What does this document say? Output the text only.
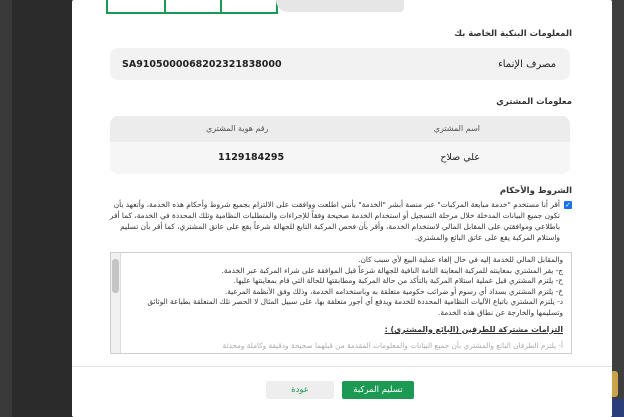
المعلومات البنكية الخاصة بك
مصرف الإنماء
SA9105000068202321838000
معلومات المشتري
اسم المشتري
رقم هوية المشتري
علي صلاح
1129184295
الشروط والأحكام
✓
أقر أنا مستخدم "خدمة مبايعة المركبات" عبر منصة أبشر "الخدمة" بأنني اطلعت ووافقت على الالتزام بجميع شروط وأحكام هذه الخدمة، وأتعهد بأن تكون جميع البيانات المدخلة خلال مرحلة التسجيل أو استخدام الخدمة صحيحة وفقاً للإجراءات والمتطلبات النظامية وتلك المحددة في الخدمة، كما أقر باطلاعي وموافقتي على المقابل المالي لاستخدام الخدمة، وأقر بأن فحص المركبة التابع للجهالة شرعاً يقع على عاتق المشتري، كما أقر بأن تسليم واستلام المركبة يقع على عاتق البائع والمشتري.
والمقابل المالي للخدمة إليه في حال إلغاء عملية البيع لأي سبب كان.
ج- يقر المشتري بمعاينته للمركبة المعاينة التامة النافية للجهالة شرعاً قبل الموافقة على شراء المركبة عبر الخدمة.
ح- يلتزم المشتري قبل عملية استلام المركبة بالتأكد من حالة المركبة ومطابقتها للحالة التي قام بمعاينتها عليها.
خ- يلتزم المشتري بسداد أي رسوم أو ضرائب حكومية متعلقة به وباستخدامه الخدمة، وذلك وفق الأنظمة المرعية.
د- يلتزم المشتري باتباع الآليات النظامية المحددة للخدمة ويدفع أي أجور متعلقة بها، على سبيل المثال لا الحصر تلك المتعلقة بطباعة الوثائق وتسليمها والخارجة عن نطاق هذه الخدمة.
التزامات مشتركة للطرفين (البائع والمشتري) :
أ- يلتزم الطرفان البائع والمشتري بأن جميع البيانات والمعلومات المقدمة من قبلهما صحيحة ودقيقة وكاملة ومحدثة
تسليم المركبة
عودة
